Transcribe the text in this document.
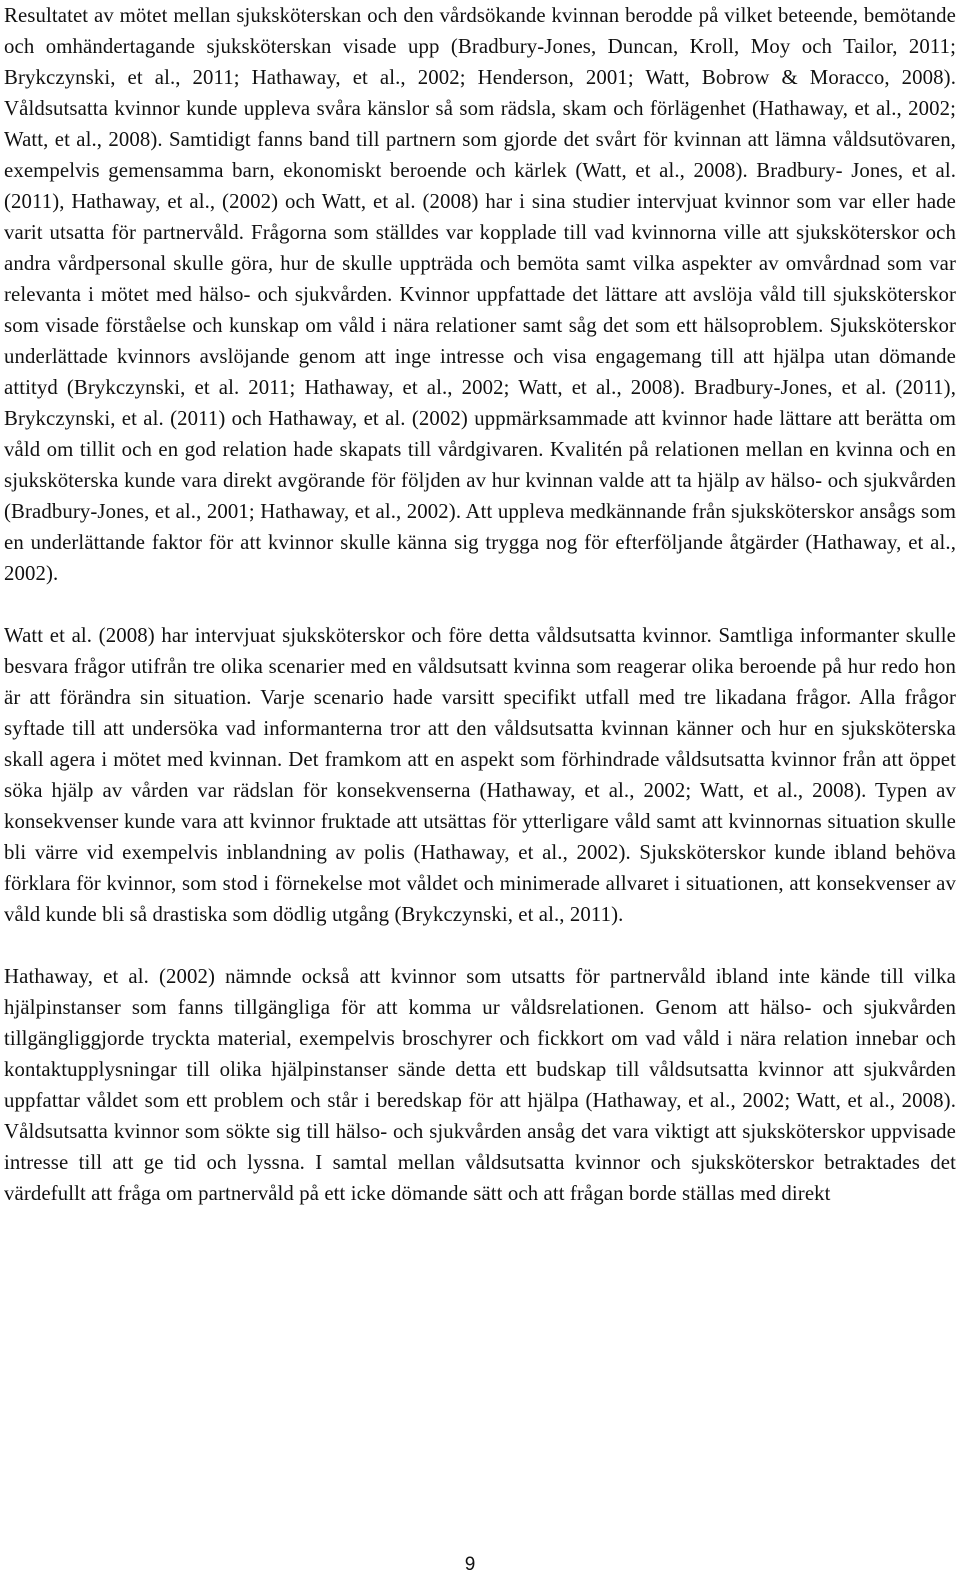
Resultatet av mötet mellan sjuksköterskan och den vårdsökande kvinnan berodde på vilket beteende, bemötande och omhändertagande sjuksköterskan visade upp (Bradbury-Jones, Duncan, Kroll, Moy och Tailor, 2011; Brykczynski, et al., 2011; Hathaway, et al., 2002; Henderson, 2001; Watt, Bobrow & Moracco, 2008). Våldsutsatta kvinnor kunde uppleva svåra känslor så som rädsla, skam och förlägenhet (Hathaway, et al., 2002; Watt, et al., 2008). Samtidigt fanns band till partnern som gjorde det svårt för kvinnan att lämna våldsutövaren, exempelvis gemensamma barn, ekonomiskt beroende och kärlek (Watt, et al., 2008). Bradbury- Jones, et al. (2011), Hathaway, et al., (2002) och Watt, et al. (2008) har i sina studier intervjuat kvinnor som var eller hade varit utsatta för partnervåld. Frågorna som ställdes var kopplade till vad kvinnorna ville att sjuksköterskor och andra vårdpersonal skulle göra, hur de skulle uppträda och bemöta samt vilka aspekter av omvårdnad som var relevanta i mötet med hälso- och sjukvården. Kvinnor uppfattade det lättare att avslöja våld till sjuksköterskor som visade förståelse och kunskap om våld i nära relationer samt såg det som ett hälsoproblem. Sjuksköterskor underlättade kvinnors avslöjande genom att inge intresse och visa engagemang till att hjälpa utan dömande attityd (Brykczynski, et al. 2011; Hathaway, et al., 2002; Watt, et al., 2008). Bradbury-Jones, et al. (2011), Brykczynski, et al. (2011) och Hathaway, et al. (2002) uppmärksammade att kvinnor hade lättare att berätta om våld om tillit och en god relation hade skapats till vårdgivaren. Kvalitén på relationen mellan en kvinna och en sjuksköterska kunde vara direkt avgörande för följden av hur kvinnan valde att ta hjälp av hälso- och sjukvården (Bradbury-Jones, et al., 2001; Hathaway, et al., 2002). Att uppleva medkännande från sjuksköterskor ansågs som en underlättande faktor för att kvinnor skulle känna sig trygga nog för efterföljande åtgärder (Hathaway, et al., 2002).

Watt et al. (2008) har intervjuat sjuksköterskor och före detta våldsutsatta kvinnor. Samtliga informanter skulle besvara frågor utifrån tre olika scenarier med en våldsutsatt kvinna som reagerar olika beroende på hur redo hon är att förändra sin situation. Varje scenario hade varsitt specifikt utfall med tre likadana frågor. Alla frågor syftade till att undersöka vad informanterna tror att den våldsutsatta kvinnan känner och hur en sjuksköterska skall agera i mötet med kvinnan. Det framkom att en aspekt som förhindrade våldsutsatta kvinnor från att öppet söka hjälp av vården var rädslan för konsekvenserna (Hathaway, et al., 2002; Watt, et al., 2008). Typen av konsekvenser kunde vara att kvinnor fruktade att utsättas för ytterligare våld samt att kvinnornas situation skulle bli värre vid exempelvis inblandning av polis (Hathaway, et al., 2002). Sjuksköterskor kunde ibland behöva förklara för kvinnor, som stod i förnekelse mot våldet och minimerade allvaret i situationen, att konsekvenser av våld kunde bli så drastiska som dödlig utgång (Brykczynski, et al., 2011).

Hathaway, et al. (2002) nämnde också att kvinnor som utsatts för partnervåld ibland inte kände till vilka hjälpinstanser som fanns tillgängliga för att komma ur våldsrelationen. Genom att hälso- och sjukvården tillgängliggjorde tryckta material, exempelvis broschyrer och fickkort om vad våld i nära relation innebar och kontaktupplysningar till olika hjälpinstanser sände detta ett budskap till våldsutsatta kvinnor att sjukvården uppfattar våldet som ett problem och står i beredskap för att hjälpa (Hathaway, et al., 2002; Watt, et al., 2008). Våldsutsatta kvinnor som sökte sig till hälso- och sjukvården ansåg det vara viktigt att sjuksköterskor uppvisade intresse till att ge tid och lyssna. I samtal mellan våldsutsatta kvinnor och sjuksköterskor betraktades det värdefullt att fråga om partnervåld på ett icke dömande sätt och att frågan borde ställas med direkt

9
